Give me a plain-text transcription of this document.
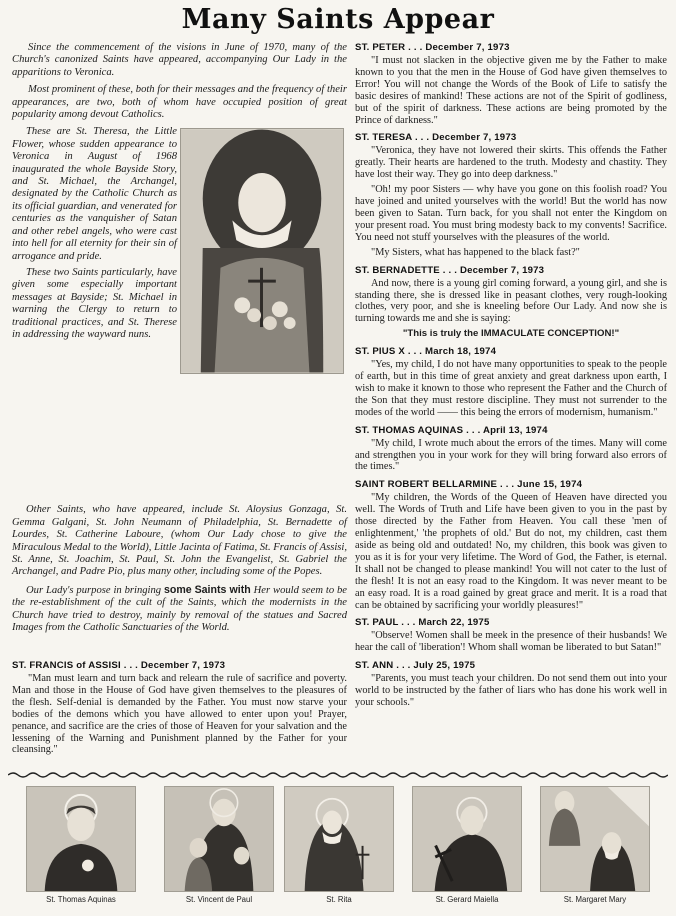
Many Saints Appear

Since the commencement of the visions in June of 1970, many of the Church's canonized Saints have appeared, accompanying Our Lady in the apparitions to Veronica.

Most prominent of these, both for their messages and the frequency of their appearances, are two, both of whom have occupied position of great popularity among devout Catholics.

These are St. Theresa, the Little Flower, whose sudden appearance to Veronica in August of 1968 inaugurated the whole Bayside Story, and St. Michael, the Archangel, designated by the Catholic Church as its official guardian, and venerated for centuries as the vanquisher of Satan and other rebel angels, who were cast into hell for all eternity for their sin of arrogance and pride.

These two Saints particularly, have given some especially important messages at Bayside; St. Michael in warning the Clergy to return to traditional practices, and St. Therese in addressing the wayward nuns.

Other Saints, who have appeared, include St. Aloysius Gonzaga, St. Gemma Galgani, St. John Neumann of Philadelphia, St. Bernadette of Lourdes, St. Catherine Laboure, (whom Our Lady chose to give the Miraculous Medal to the World), Little Jacinta of Fatima, St. Francis of Assisi, St. Anne, St. Joachim, St. Paul, St. John the Evangelist, St. Gabriel the Archangel, and Padre Pio, plus many other, including some of the Popes.

Our Lady's purpose in bringing some Saints with Her would seem to be the re-establishment of the cult of the Saints, which the modernists in the Church have tried to destroy, mainly by removal of the statues and Sacred Images from the Catholic Sanctuaries of the World.

ST. FRANCIS of ASSISI . . . December 7, 1973

"Man must learn and turn back and relearn the rule of sacrifice and poverty. Man and those in the House of God have given themselves to the pleasures of the flesh. Self-denial is demanded by the Father. You must now starve your bodies of the demons which you have allowed to enter upon you! Prayer, penance, and sacrifice are the cries of those of Heaven for your salvation and the lessening of the Warning and Punishment planned by the Father for your cleansing."

ST. PETER . . . December 7, 1973

"I must not slacken in the objective given me by the Father to make known to you that the men in the House of God have given themselves to Error! You will not change the Words of the Book of Life to satisfy the basic desires of mankind! These actions are not of the Spirit of godliness, but of the spirit of darkness. These actions are being promoted by the Prince of darkness."

ST. TERESA . . . December 7, 1973

"Veronica, they have not lowered their skirts. This offends the Father greatly. Their hearts are hardened to the truth. Modesty and chastity. They have lost their way. They go into deep darkness."

"Oh! my poor Sisters — why have you gone on this foolish road? You have joined and united yourselves with the world! But the world has now been given to Satan. Turn back, for you shall not enter the Kingdom on your present road. You must bring modesty back to my convents! Sacrifice. You need not stuff yourselves with the pleasures of the world.

"My Sisters, what has happened to the black fast?"

ST. BERNADETTE . . . December 7, 1973

And now, there is a young girl coming forward, a young girl, and she is standing there, she is dressed like in peasant clothes, very rough-looking clothes, very poor, and she is kneeling before Our Lady. And now she is turning towards me and she is saying:

"This is truly the IMMACULATE CONCEPTION!"

ST. PIUS X . . . March 18, 1974

"Yes, my child, I do not have many opportunities to speak to the people of earth, but in this time of great anxiety and great darkness upon earth, I wish to make it known to those who represent the Father and the Church of the Son that they must restore discipline. They must not surrender to the modes of the world —— this being the errors of modernism, humanism."

ST. THOMAS AQUINAS . . . April 13, 1974

"My child, I wrote much about the errors of the times. Many will come and strengthen you in your work for they will bring forward also errors of the times."

SAINT ROBERT BELLARMINE . . . June 15, 1974

"My children, the Words of the Queen of Heaven have directed you well. The Words of Truth and Life have been given to you in the past by those directed by the Father from Heaven. You call these 'men of enlightenment,' 'the prophets of old.' But do not, my children, cast them aside as being old and outdated! No, my children, this book was given to you as it is for your very lifetime. The Word of God, the Father, is eternal. It shall not be changed to please mankind! You will not cater to the lust of the flesh! It is not an easy road to the Kingdom. It was never meant to be an easy road. It is a road gained by great grace and merit. It is a road that can be obtained by sacrificing your worldly pleasures!"

ST. PAUL . . . March 22, 1975

"Observe! Women shall be meek in the presence of their husbands! We hear the call of 'liberation'! Whom shall woman be liberated to but Satan!"

ST. ANN . . . July 25, 1975

"Parents, you must teach your children. Do not send them out into your world to be instructed by the father of liars who has done his work well in your schools."

St. Thomas Aquinas	St. Vincent de Paul	St. Rita	St. Gerard Maiella	St. Margaret Mary
